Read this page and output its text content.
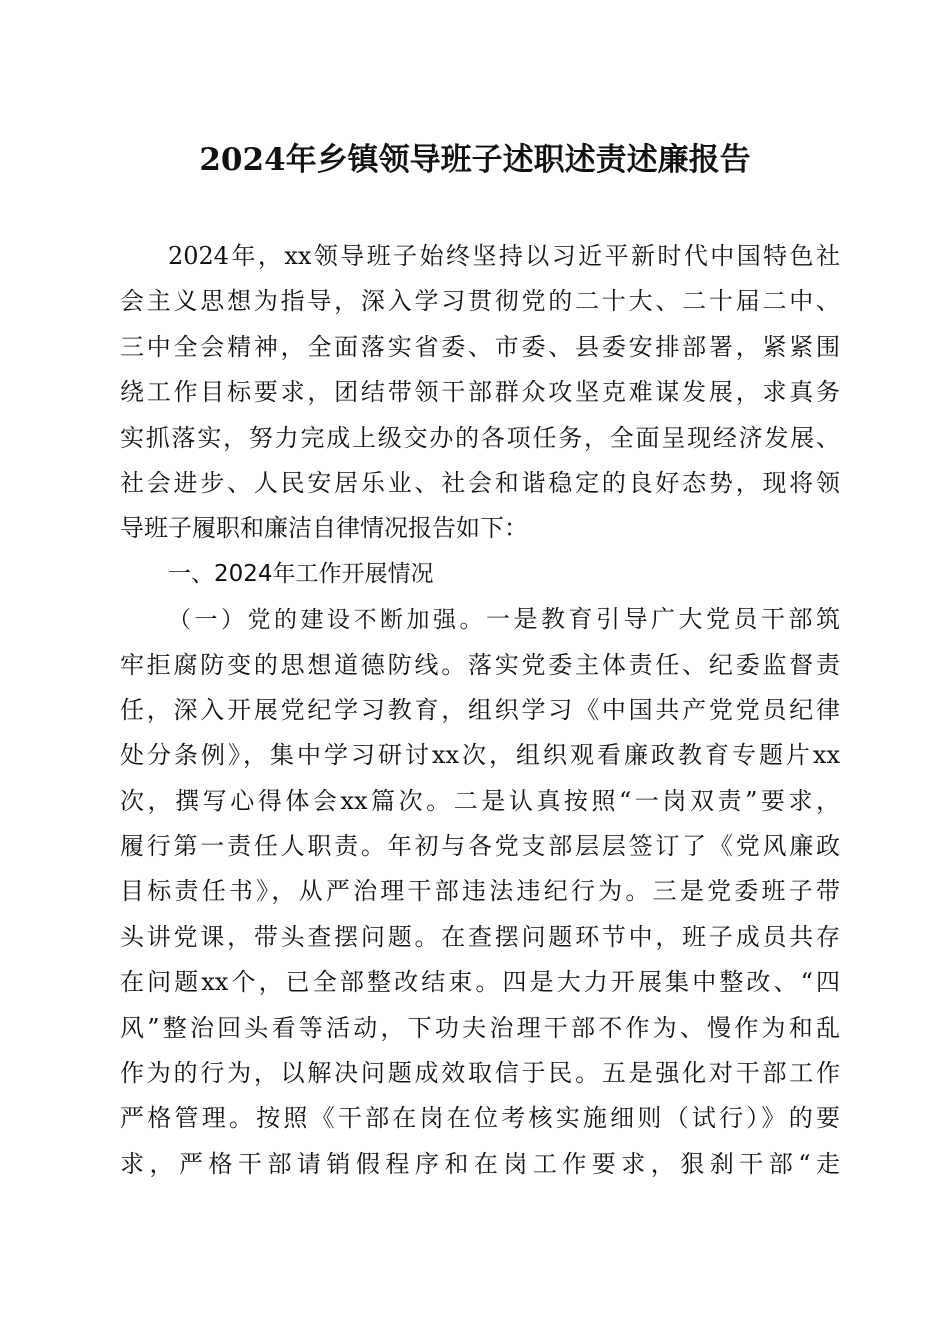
2024年乡镇领导班子述职述责述廉报告
2024年，xx领导班子始终坚持以习近平新时代中国特色社
会主义思想为指导，深入学习贯彻党的二十大、二十届二中、
三中全会精神，全面落实省委、市委、县委安排部署，紧紧围
绕工作目标要求，团结带领干部群众攻坚克难谋发展，求真务
实抓落实，努力完成上级交办的各项任务，全面呈现经济发展、
社会进步、人民安居乐业、社会和谐稳定的良好态势，现将领
导班子履职和廉洁自律情况报告如下：
一、2024年工作开展情况
（一）党的建设不断加强。一是教育引导广大党员干部筑
牢拒腐防变的思想道德防线。落实党委主体责任、纪委监督责
任，深入开展党纪学习教育，组织学习《中国共产党党员纪律
处分条例》，集中学习研讨xx次，组织观看廉政教育专题片xx
次，撰写心得体会xx篇次。二是认真按照“一岗双责”要求，
履行第一责任人职责。年初与各党支部层层签订了《党风廉政
目标责任书》，从严治理干部违法违纪行为。三是党委班子带
头讲党课，带头查摆问题。在查摆问题环节中，班子成员共存
在问题xx个，已全部整改结束。四是大力开展集中整改、“四
风”整治回头看等活动，下功夫治理干部不作为、慢作为和乱
作为的行为，以解决问题成效取信于民。五是强化对干部工作
严格管理。按照《干部在岗在位考核实施细则（试行）》的要
求，严格干部请销假程序和在岗工作要求，狠刹干部“走
